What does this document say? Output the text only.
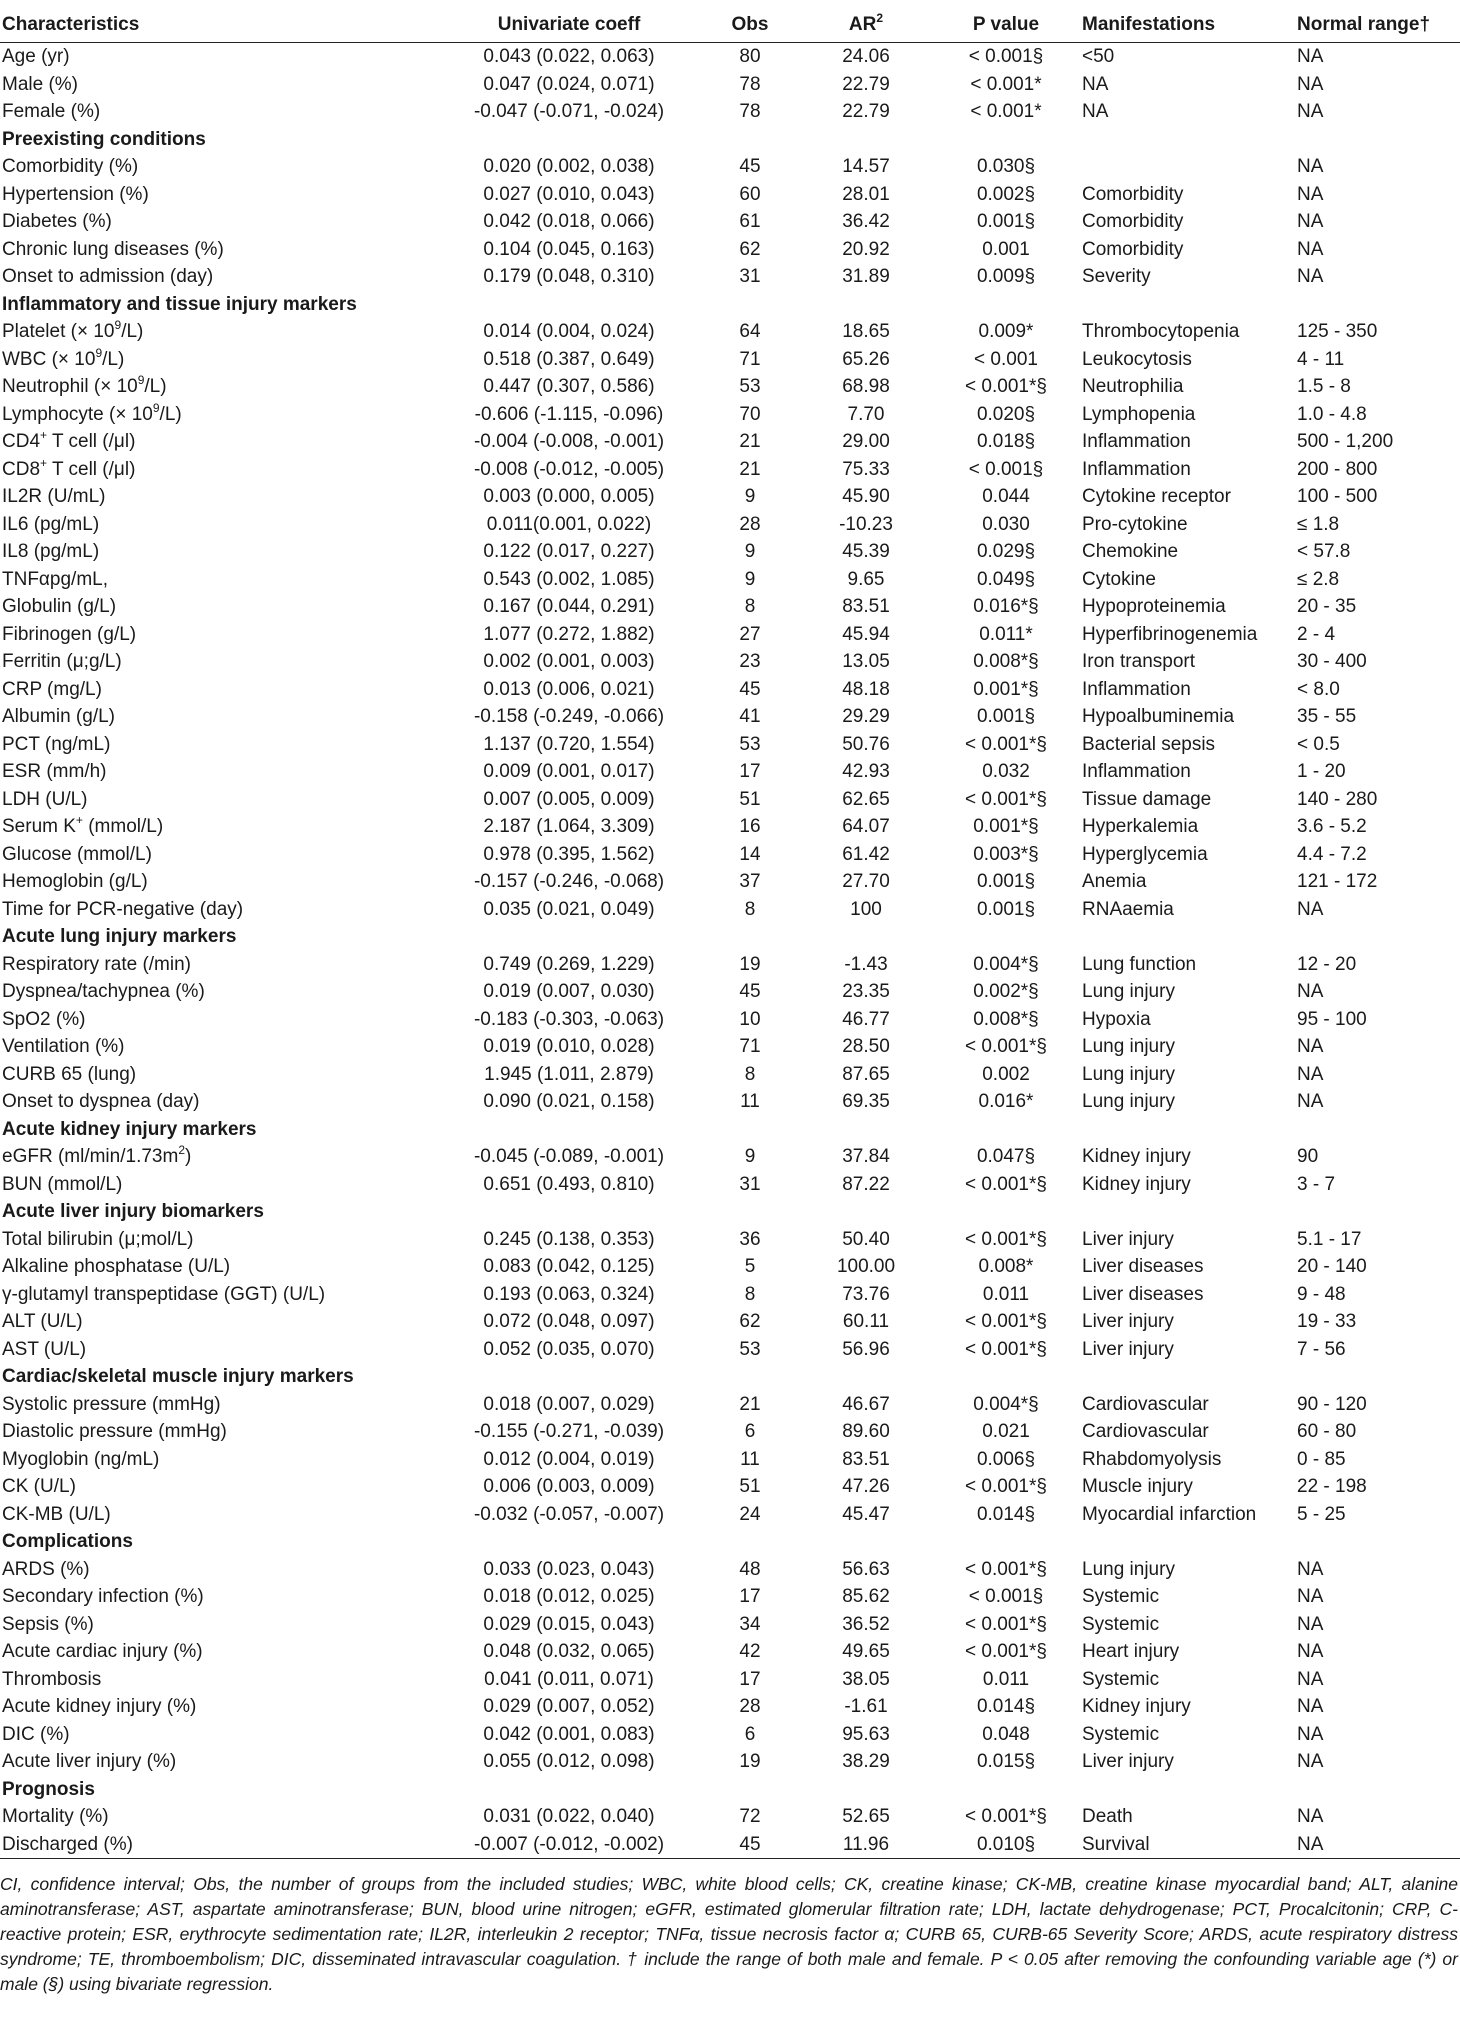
Characteristics	Univariate coeff	Obs	$AR^2$	P value	Manifestations	Normal range†
Age (yr)	0.043 (0.022, 0.063)	80	24.06	< 0.001§	<50	NA
Male (%)	0.047 (0.024, 0.071)	78	22.79	< 0.001*	NA	NA
Female (%)	-0.047 (-0.071, -0.024)	78	22.79	< 0.001*	NA	NA
Preexisting conditions						
Comorbidity (%)	0.020 (0.002, 0.038)	45	14.57	0.030§		NA
Hypertension (%)	0.027 (0.010, 0.043)	60	28.01	0.002§	Comorbidity	NA
Diabetes (%)	0.042 (0.018, 0.066)	61	36.42	0.001§	Comorbidity	NA
Chronic lung diseases (%)	0.104 (0.045, 0.163)	62	20.92	0.001	Comorbidity	NA
Onset to admission (day)	0.179 (0.048, 0.310)	31	31.89	0.009§	Severity	NA
Inflammatory and tissue injury markers						
Platelet (× $10^9/L$)	0.014 (0.004, 0.024)	64	18.65	0.009*	Thrombocytopenia	125 - 350
WBC (× $10^9/L$)	0.518 (0.387, 0.649)	71	65.26	< 0.001	Leukocytosis	4 - 11
Neutrophil (× $10^9/L$)	0.447 (0.307, 0.586)	53	68.98	< 0.001*§	Neutrophilia	1.5 - 8
Lymphocyte (× $10^9/L$)	-0.606 (-1.115, -0.096)	70	7.70	0.020§	Lymphopenia	1.0 - 4.8
CD4+ T cell (/μl)	-0.004 (-0.008, -0.001)	21	29.00	0.018§	Inflammation	500 - 1,200
CD8+ T cell (/μl)	-0.008 (-0.012, -0.005)	21	75.33	< 0.001§	Inflammation	200 - 800
IL2R (U/mL)	0.003 (0.000, 0.005)	9	45.90	0.044	Cytokine receptor	100 - 500
IL6 (pg/mL)	0.011(0.001, 0.022)	28	-10.23	0.030	Pro-cytokine	≤ 1.8
IL8 (pg/mL)	0.122 (0.017, 0.227)	9	45.39	0.029§	Chemokine	< 57.8
TNFαpg/mL,	0.543 (0.002, 1.085)	9	9.65	0.049§	Cytokine	≤ 2.8
Globulin (g/L)	0.167 (0.044, 0.291)	8	83.51	0.016*§	Hypoproteinemia	20 - 35
Fibrinogen (g/L)	1.077 (0.272, 1.882)	27	45.94	0.011*	Hyperfibrinogenemia	2 - 4
Ferritin (μ;g/L)	0.002 (0.001, 0.003)	23	13.05	0.008*§	Iron transport	30 - 400
CRP (mg/L)	0.013 (0.006, 0.021)	45	48.18	0.001*§	Inflammation	< 8.0
Albumin (g/L)	-0.158 (-0.249, -0.066)	41	29.29	0.001§	Hypoalbuminemia	35 - 55
PCT (ng/mL)	1.137 (0.720, 1.554)	53	50.76	< 0.001*§	Bacterial sepsis	< 0.5
ESR (mm/h)	0.009 (0.001, 0.017)	17	42.93	0.032	Inflammation	1 - 20
LDH (U/L)	0.007 (0.005, 0.009)	51	62.65	< 0.001*§	Tissue damage	140 - 280
Serum K+ (mmol/L)	2.187 (1.064, 3.309)	16	64.07	0.001*§	Hyperkalemia	3.6 - 5.2
Glucose (mmol/L)	0.978 (0.395, 1.562)	14	61.42	0.003*§	Hyperglycemia	4.4 - 7.2
Hemoglobin (g/L)	-0.157 (-0.246, -0.068)	37	27.70	0.001§	Anemia	121 - 172
Time for PCR-negative (day)	0.035 (0.021, 0.049)	8	100	0.001§	RNAaemia	NA
Acute lung injury markers						
Respiratory rate (/min)	0.749 (0.269, 1.229)	19	-1.43	0.004*§	Lung function	12 - 20
Dyspnea/tachypnea (%)	0.019 (0.007, 0.030)	45	23.35	0.002*§	Lung injury	NA
SpO2 (%)	-0.183 (-0.303, -0.063)	10	46.77	0.008*§	Hypoxia	95 - 100
Ventilation (%)	0.019 (0.010, 0.028)	71	28.50	< 0.001*§	Lung injury	NA
CURB 65 (lung)	1.945 (1.011, 2.879)	8	87.65	0.002	Lung injury	NA
Onset to dyspnea (day)	0.090 (0.021, 0.158)	11	69.35	0.016*	Lung injury	NA
Acute kidney injury markers						
eGFR $(ml/\min/1.73m^2)$	-0.045 (-0.089, -0.001)	9	37.84	0.047§	Kidney injury	90
BUN (mmol/L)	0.651 (0.493, 0.810)	31	87.22	< 0.001*§	Kidney injury	3 - 7
Acute liver injury biomarkers						
Total bilirubin (μ;mol/L)	0.245 (0.138, 0.353)	36	50.40	< 0.001*§	Liver injury	5.1 - 17
Alkaline phosphatase (U/L)	0.083 (0.042, 0.125)	5	100.00	0.008*	Liver diseases	20 - 140
γ-glutamyl transpeptidase (GGT) (U/L)	0.193 (0.063, 0.324)	8	73.76	0.011	Liver diseases	9 - 48
ALT (U/L)	0.072 (0.048, 0.097)	62	60.11	< 0.001*§	Liver injury	19 - 33
AST (U/L)	0.052 (0.035, 0.070)	53	56.96	< 0.001*§	Liver injury	7 - 56
Cardiac/skeletal muscle injury markers						
Systolic pressure (mmHg)	0.018 (0.007, 0.029)	21	46.67	0.004*§	Cardiovascular	90 - 120
Diastolic pressure (mmHg)	-0.155 (-0.271, -0.039)	6	89.60	0.021	Cardiovascular	60 - 80
Myoglobin (ng/mL)	0.012 (0.004, 0.019)	11	83.51	0.006§	Rhabdomyolysis	0 - 85
CK (U/L)	0.006 (0.003, 0.009)	51	47.26	< 0.001*§	Muscle injury	22 - 198
CK-MB (U/L)	-0.032 (-0.057, -0.007)	24	45.47	0.014§	Myocardial infarction	5 - 25
Complications						
ARDS (%)	0.033 (0.023, 0.043)	48	56.63	< 0.001*§	Lung injury	NA
Secondary infection (%)	0.018 (0.012, 0.025)	17	85.62	< 0.001§	Systemic	NA
Sepsis (%)	0.029 (0.015, 0.043)	34	36.52	< 0.001*§	Systemic	NA
Acute cardiac injury (%)	0.048 (0.032, 0.065)	42	49.65	< 0.001*§	Heart injury	NA
Thrombosis	0.041 (0.011, 0.071)	17	38.05	0.011	Systemic	NA
Acute kidney injury (%)	0.029 (0.007, 0.052)	28	-1.61	0.014§	Kidney injury	NA
DIC (%)	0.042 (0.001, 0.083)	6	95.63	0.048	Systemic	NA
Acute liver injury (%)	0.055 (0.012, 0.098)	19	38.29	0.015§	Liver injury	NA
Prognosis						
Mortality (%)	0.031 (0.022, 0.040)	72	52.65	< 0.001*§	Death	NA
Discharged (%)	-0.007 (-0.012, -0.002)	45	11.96	0.010§	Survival	NA

CI, confidence interval; Obs, the number of groups from the included studies; WBC, white blood cells; CK, creatine kinase; CK-MB, creatine kinase myocardial band; ALT, alanine aminotransferase; AST, aspartate aminotransferase; BUN, blood urine nitrogen; eGFR, estimated glomerular filtration rate; LDH, lactate dehydrogenase; PCT, Procalcitonin; CRP, C-reactive protein; ESR, erythrocyte sedimentation rate; IL2R, interleukin 2 receptor; TNFα, tissue necrosis factor α; CURB 65, CURB-65 Severity Score; ARDS, acute respiratory distress syndrome; TE, thromboembolism; DIC, disseminated intravascular coagulation. † include the range of both male and female. P < 0.05 after removing the confounding variable age (*) or male (§) using bivariate regression.
